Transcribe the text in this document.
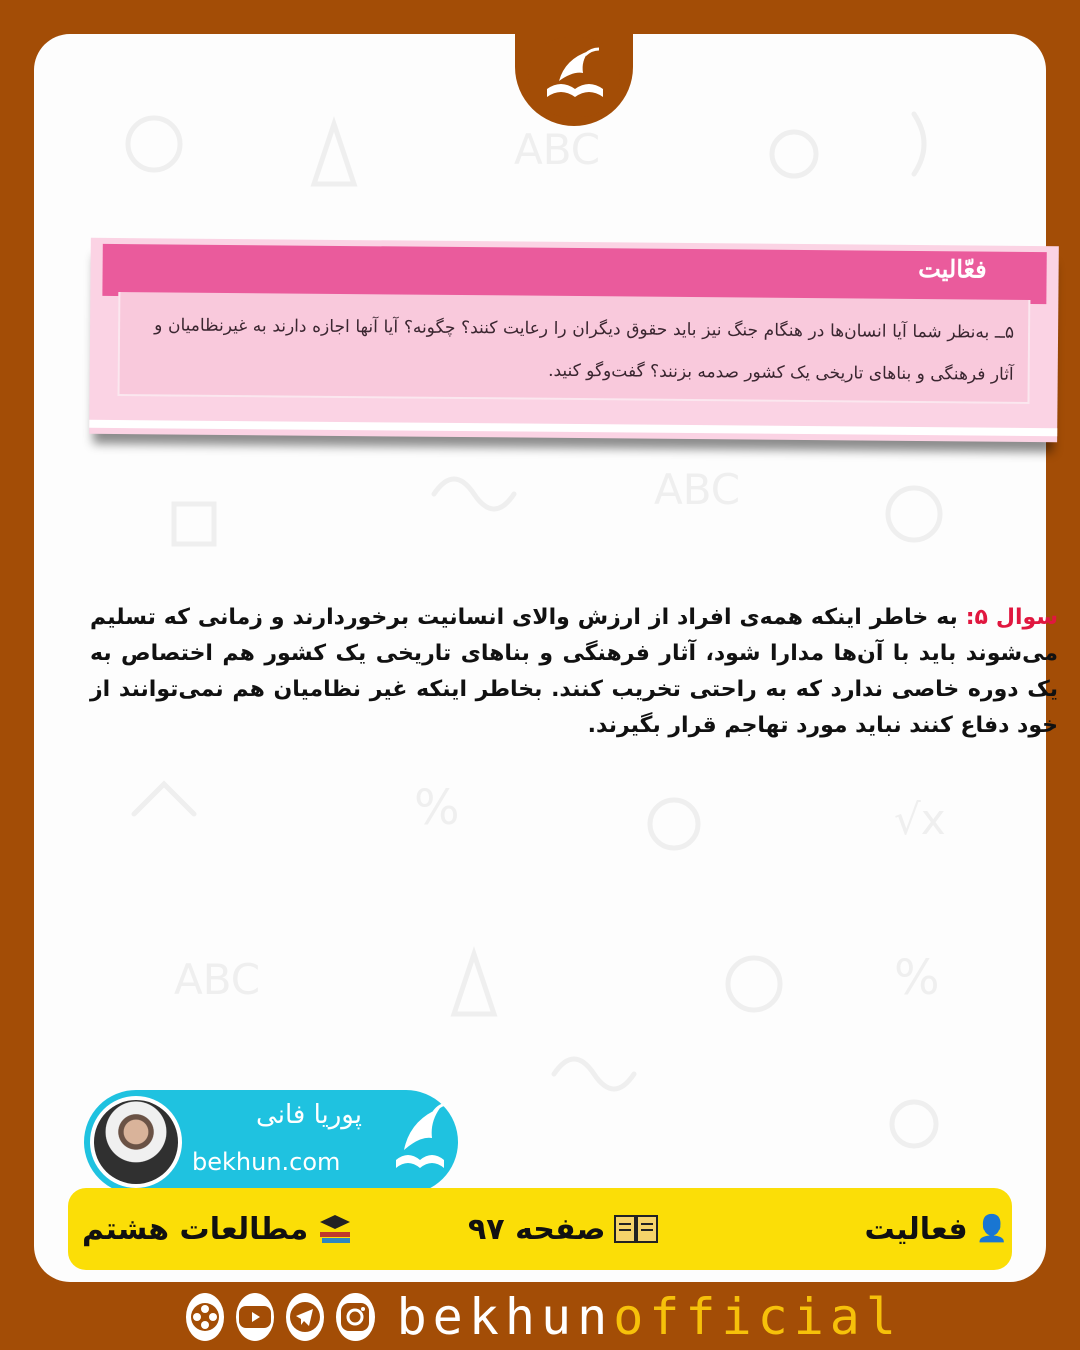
ABC
ABC
%	√x
ABC	%
فعّالیت
۵ــ به‌نظر شما آیا انسان‌ها در هنگام جنگ نیز باید حقوق دیگران را رعایت کنند؟ چگونه؟ آیا آنها اجازه دارند به غیرنظامیان و آثار فرهنگی و بناهای تاریخی یک کشور صدمه بزنند؟ گفت‌وگو کنید.
سوال ۵: به خاطر اینکه همه‌ی افراد از ارزش والای انسانیت برخوردارند و زمانی که تسلیم می‌شوند باید با آن‌ها مدارا شود، آثار فرهنگی و بناهای تاریخی یک کشور هم اختصاص به یک دوره خاصی ندارد که به راحتی تخریب کنند. بخاطر اینکه غیر نظامیان هم نمی‌توانند از خود دفاع کنند نباید مورد تهاجم قرار بگیرند.
پوریا فانی
bekhun.com
👤
فعالیت
صفحه ۹۷
مطالعات هشتم
bekhunofficial
